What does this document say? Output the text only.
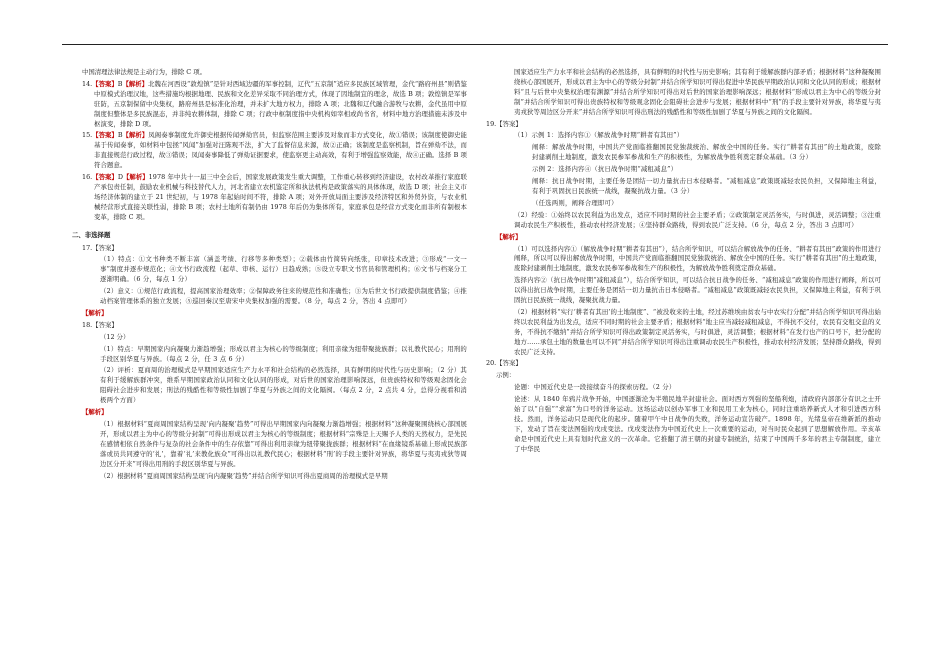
中国清理法律法规是主动行为，排除 C 项。

14.【答案】B【解析】北魏在河西设“敦煌镇”是针对西域边疆的军事控制，辽代“五京制”适应多民族区域管理，金代“路府州县”则借鉴中原模式治理汉地，这些措施均根据地理、民族和文化差异采取不同治理方式，体现了因地制宜的理念，故选 B 项；敦煌镇是军事驻防，五京制保留中央集权，路府州县是标准化治理，并未扩大地方权力，排除 A 项；北魏和辽代融合游牧与农耕，金代虽用中原制度但整体是多民族混态，并非纯农耕体制，排除 C 项；行政中枢制度指中央机构如宰相或尚书省，材料中地方治理措施未涉及中枢演变，排除 D 项。

15.【答案】B【解析】凤阁奏事制度允许御史根据传闻弹劾官员，但监察范围主要涉及对象而非方式变化，故①错误；该制度使御史能基于传闻奏事，如材料中包拯“风闻”加强对汪陈观不法，扩大了监督信息来源，故②正确；该制度是监察机制，旨在弹劾不法，而非直接规范行政过程，故③错误；凤闻奏事降低了弹劾证据要求，使监察更主动高效，有利于增强监察效能，故④正确。选择 B 项符合题意。

16.【答案】D【解析】1978 年中共十一届三中全会后，国家发展政策发生重大调整，工作重心转移到经济建设，农村改革推行家庭联产承包责任制，鼓励农业机械与科技替代人力，河北省建立农机鉴定所和执法机构是政策落实的具体体现，故选 D 项；社会主义市场经济体制的建立于 21 世纪初，与 1978 年起始时间不符，排除 A 项；对外开放局面主要涉及经济特区和外贸外资，与农业机械经营形式直接关联性弱，排除 B 项；农村土地所有制仍由 1978 年后仍为集体所有，家庭承包是经营方式变化而非所有制根本变革，排除 C 项。

二、非选择题

17.【答案】

（1）特点：①文书种类不断丰富（涵盖考绩、行移等多种类型）；②载体由竹简转向纸张，印章技术改进；③形成“一文一事”制度并逐步规范化；④文书行政流程（起草、审核、运行）日趋成熟；⑤设立专职文书官员和管理机构；⑥文书与档案分工逐渐明确。（6 分，每点 1 分）

（2）意义：①规范行政流程，提高国家治理效率；②保障政务往来的规范性和准确性；③为后世文书行政提供制度借鉴；④推动档案管理体系的独立发展；⑤巡回秦汉至唐宋中央集权加强的需要。（8 分，每点 2 分，答出 4 点即可）

【解析】

18.【答案】

（12 分）

（1）特点：早期国家内向凝聚力渐趋增强；形成以君主为核心的等级制度；利用亲缘为纽带聚拢族群；以礼教代民心；用刑的手段区别华夏与异族。（每点 2 分，任 3 点 6 分）

（2）评析：夏商周的治理模式是早期国家适应生产力水平和社会结构的必然选择，具有鲜明的时代性与历史影响；（2 分）其有利于缓解族群冲突，维系早期国家政治认同和文化认同的形成，对后世的国家治理影响深远，但贵族特权和等级观念固化会阻碍社会进步和发展；刑法的残酷性和等级性加剧了华夏与外族之间的文化隔阂。（每点 2 分，2 点共 4 分，总得分视看和消极两个方面）

【解析】

（1）根据材料“夏商周国家结构呈现‘向内凝聚’趋势”可得出早期国家内向凝聚力渐趋增强；根据材料“这种凝聚围绕核心部国展开，形成以君主为中心的等级分封制”可得出形成以君主为核心的等级制度；根据材料“宗殊是上天赐予人类的天然权力，是先民在感情相依自然条件与复杂的社会条件中的生存依靠”可得出利用亲缘为纽带聚拢族群；根据材料“在血缘镜系基础上形成民族部落或员共同遵守的‘礼’，靠着‘礼’来教化族众”可得出以礼教代民心；根据材料“刑’的手段主要针对异族，将华夏与夷夷戎狄等周边区分开来”可得出用刑的手段区别华夏与异族。

（2）根据材料“夏商周国家结构呈现‘向内凝聚’趋势”并结合所学知识可得出夏商周的治理模式是早期

国家适应生产力水平和社会结构的必然选择，具有鲜明的时代性与历史影响；其有利于缓解族群内部矛盾；根据材料“这种凝聚围绕核心部国展开，形成以君主为中心的等级分封制”并结合所学知识可得出促进中华民族早期政治认同和文化认同的形成；根据材料“且与后世中央集权治理有渊源”并结合所学知识可得出对后世的国家治理影响深远；根据材料“形成以君主为中心的等级分封制”并结合所学知识可得出贵族特权和等级观念固化会阻碍社会进步与发展；根据材料中“刑”的手段主要针对异族，将华夏与夷夷戎狄等周边区分开来”并结合所学知识可得出刑法的残酷性和等级性加剧了华夏与异族之间的文化隔阂。

19.【答案】

（1）示例 1：选择内容①（解放战争时期“耕者有其田”）

阐释：解放战争时期，中国共产党面临推翻国民党独裁统治、解放全中国的任务。实行“耕者有其田”的土地政策，废除封建剥削土地制度，激发农民参军参战和生产的积极性，为解放战争胜利奠定群众基础。（3 分）

示例 2：选择内容④（抗日战争时期“减租减息”）

阐释：抗日战争时期，主要任务是团结一切力量抗击日本侵略者。“减租减息”政策既减轻农民负担，又保障地主利益，有利于巩固抗日民族统一战线，凝聚抗战力量。（3 分）

（任选两则，阐释合理即可）

（2）经验：①始终以农民利益为出发点，适应不同时期的社会主要矛盾；②政策制定灵活务实，与时俱进，灵活调整；③注重调动农民生产积极性，推动农村经济发展；④坚持群众路线，得到农民广泛支持。（6 分，每点 2 分，答出 3 点即可）

【解析】

（1）可以选择内容①（解放战争时期“耕者有其田”），结合所学知识，可以结合解放战争的任务、“耕者有其田”政策的作用进行阐释，所以可以得出解放战争时期，中国共产党面临推翻国民党独裁统治、解放全中国的任务。实行“耕者有其田”的土地政策，废除封建剥削土地制度，激发农民参军参战和生产的积极性，为解放战争胜利奠定群众基础。

选择内容②（抗日战争时期“减租减息”），结合所学知识，可以结合抗日战争的任务、“减租减息”政策的作用进行阐释，所以可以得出抗日战争时期，主要任务是团结一切力量抗击日本侵略者。“减租减息”政策既减轻农民负担，又保障地主利益，有利于巩固抗日民族统一战线，凝聚抗战力量。

（2）根据材料“实行‘耕者有其田’的土地制度”、“被没收来的土地，经过苏维埃由贫农与中农实行分配”并结合所学知识可得出始终以农民利益为出发点，适应不同时期的社会主要矛盾；根据材料“地主应当减轻减租减息，不得抗不交付，农民有交租交息的义务，不得抗不缴纳”并结合所学知识可得出政策制定灵活务实，与时俱进，灵活调整；根据材料“在发行也产的口号下，把分配的地方……承包土地的数量也可以不同”并结合所学知识可得出注重调动农民生产积极性，推动农村经济发展；坚持群众路线，得到农民广泛支持。

20.【答案】

示例：

论题：中国近代史是一段接续奋斗的探索历程。（2 分）

论述：从 1840 年鸦片战争开始，中国逐渐沦为半殖民地半封建社会。面对西方列强的坚船利炮，清政府内部部分有识之士开始了以“自强”“求富”为口号的洋务运动。这场运动以创办军事工业和民用工业为核心，同时注重培养新式人才和引进西方科技。然而，洋务运动只是现代化的起步。随着甲午中日战争的失败，洋务运动宣告破产。1898 年，光绪皇帝在维新派的推动下，发动了旨在变法图强的戊戌变法。戊戌变法作为中国近代史上一次重要的运动，对当时民众起到了思想解放作用。辛亥革命是中国近代史上具有划时代意义的一次革命。它推翻了清王朝的封建专制统治，结束了中国两千多年的君主专制制度，建立了中华民
